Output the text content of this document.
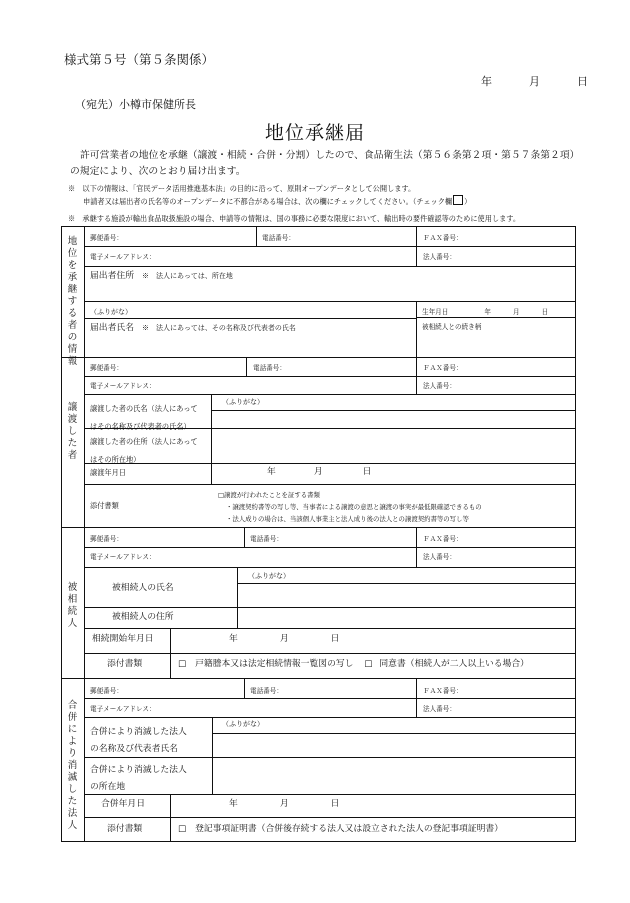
様式第５号（第５条関係）
年	月	日
（宛先）小樽市保健所長
地位承継届
許可営業者の地位を承継（譲渡・相続・合併・分割）したので、食品衛生法（第５６条第２項・第５７条第２項）の規定により、次のとおり届け出ます。
※　以下の情報は、「官民データ活用推進基本法」の目的に沿って、原則オープンデータとして公開します。
申請者又は届出者の氏名等のオープンデータに不都合がある場合は、次の欄にチェックしてください。（チェック欄 ）
※　承継する施設が輸出食品取扱施設の場合、申請等の情報は、国の事務に必要な限度において、輸出時の要件確認等のために使用します。
地位を承継する者の情報
郵便番号：	電話番号：	ＦＡＸ番号：
電子メールアドレス：	法人番号：
届出者住所 ※　法人にあっては、所在地
（ふりがな）	生年月日	年	月	日
届出者氏名 ※　法人にあっては、その名称及び代表者の氏名	被相続人との続き柄
譲渡した者
郵便番号：	電話番号：	ＦＡＸ番号：
電子メールアドレス：	法人番号：
譲渡した者の氏名（法人にあって
はその名称及び代表者の氏名）
（ふりがな）
譲渡した者の住所（法人にあって
はその所在地）
譲渡年月日	年	月	日
添付書類
□譲渡が行われたことを証する書類
・譲渡契約書等の写し等、当事者による譲渡の意思と譲渡の事実が最低限確認できるもの
・法人成りの場合は、当該個人事業主と法人成り後の法人との譲渡契約書等の写し等
被相続人
郵便番号：	電話番号：	ＦＡＸ番号：
電子メールアドレス：	法人番号：
被相続人の氏名
（ふりがな）
被相続人の住所
相続開始年月日	年	月	日
添付書類	□ 戸籍謄本又は法定相続情報一覧図の写し □ 同意書（相続人が二人以上いる場合）
合併により消滅した法人
郵便番号：	電話番号：	ＦＡＸ番号：
電子メールアドレス：	法人番号：
合併により消滅した法人
の名称及び代表者氏名
（ふりがな）
合併により消滅した法人
の所在地
合併年月日	年	月	日
添付書類	□ 登記事項証明書（合併後存続する法人又は設立された法人の登記事項証明書）
